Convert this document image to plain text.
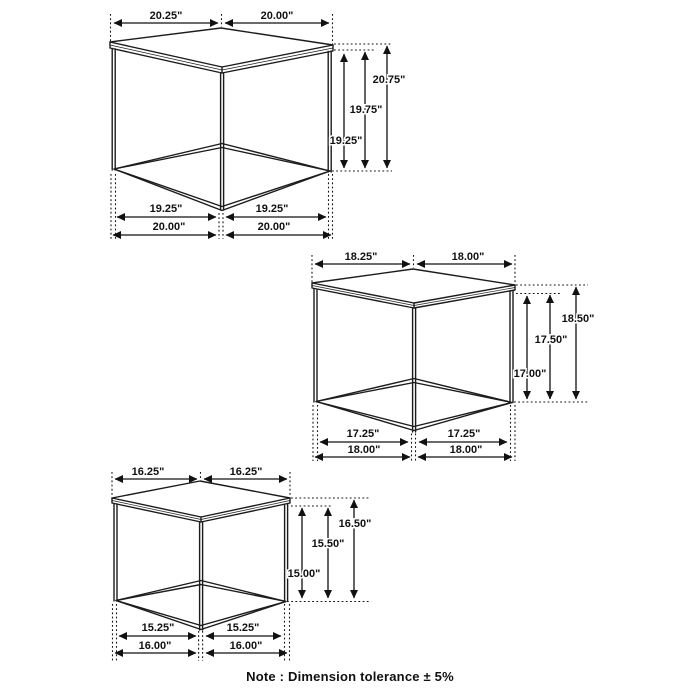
20.25"	20.00"
20.75"
19.75"
19.25"
19.25"	19.25"
20.00"	20.00"
18.25"	18.00"
18.50"
17.50"
17.00"
17.25"	17.25"
18.00"	18.00"
16.25"	16.25"
16.50"
15.50"
15.00"
15.25"	15.25"
16.00"	16.00"
Note : Dimension tolerance ± 5%
